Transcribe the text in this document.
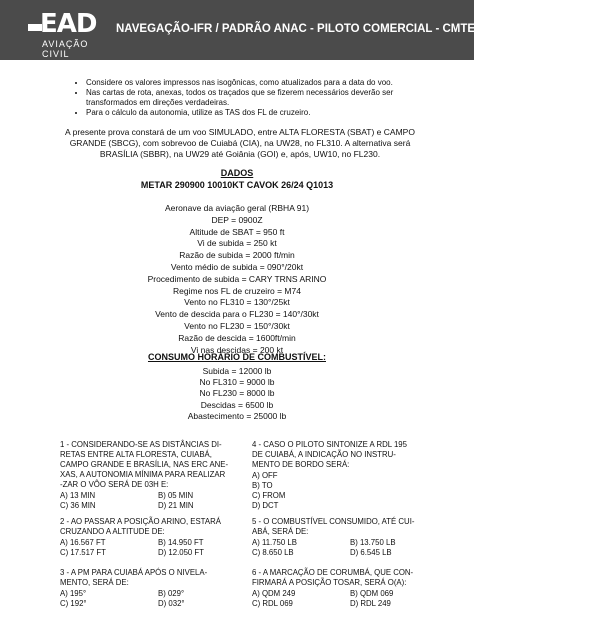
EAD
AVIAÇÃO CIVIL
NAVEGAÇÃO-IFR / PADRÃO ANAC - PILOTO COMERCIAL - CMTE. MAURÍLIO DANTAS
• Considere os valores impressos nas isogônicas, como atualizados para a data do voo.
• Nas cartas de rota, anexas, todos os traçados que se fizerem necessários deverão ser transformados em direções verdadeiras.
• Para o cálculo da autonomia, utilize as TAS dos FL de cruzeiro.
A presente prova constará de um voo SIMULADO, entre ALTA FLORESTA (SBAT) e CAMPO GRANDE (SBCG), com sobrevoo de Cuiabá (CIA), na UW28, no FL310. A alternativa será BRASÍLIA (SBBR), na UW29 até Goiânia (GOI) e, após, UW10, no FL230.
DADOS
METAR 290900 10010KT CAVOK 26/24 Q1013
Aeronave da aviação geral (RBHA 91)
DEP = 0900Z
Altitude de SBAT = 950 ft
Vi de subida = 250 kt
Razão de subida = 2000 ft/min
Vento médio de subida = 090°/20kt
Procedimento de subida = CARY TRNS ARINO
Regime nos FL de cruzeiro = M74
Vento no FL310 = 130°/25kt
Vento de descida para o FL230 = 140°/30kt
Vento no FL230 = 150°/30kt
Razão de descida = 1600ft/min
Vi nas descidas = 200 kt
CONSUMO HORÁRIO DE COMBUSTÍVEL:
Subida = 12000 lb
No FL310 = 9000 lb
No FL230 = 8000 lb
Descidas = 6500 lb
Abastecimento = 25000 lb
1 - CONSIDERANDO-SE AS DISTÂNCIAS DI-
RETAS ENTRE ALTA FLORESTA, CUIABÁ,
CAMPO GRANDE E BRASÍLIA, NAS ERC ANE-
XAS, A AUTONOMIA MÍNIMA PARA REALIZAR
-ZAR O VÔO SERÁ DE 03H E:
A) 13 MIN	B) 05 MIN
C) 36 MIN	D) 21 MIN
2 - AO PASSAR A POSIÇÃO ARINO, ESTARÁ
CRUZANDO A ALTITUDE DE:
A) 16.567 FT	B) 14.950 FT
C) 17.517 FT	D) 12.050 FT
3 - A PM PARA CUIABÁ APÓS O NIVELA-
MENTO, SERÁ DE:
A) 195°	B) 029°
C) 192°	D) 032°
4 - CASO O PILOTO SINTONIZE A RDL 195
DE CUIABÁ, A INDICAÇÃO NO INSTRU-
MENTO DE BORDO SERÁ:
A) OFF
B) TO
C) FROM
D) DCT
5 - O COMBUSTÍVEL CONSUMIDO, ATÉ CUI-
ABÁ, SERÁ DE:
A) 11.750 LB	B) 13.750 LB
C) 8.650 LB	D) 6.545 LB
6 - A MARCAÇÃO DE CORUMBÁ, QUE CON-
FIRMARÁ A POSIÇÃO TOSAR, SERÁ O(A):
A) QDM 249	B) QDM 069
C) RDL 069	D) RDL 249
